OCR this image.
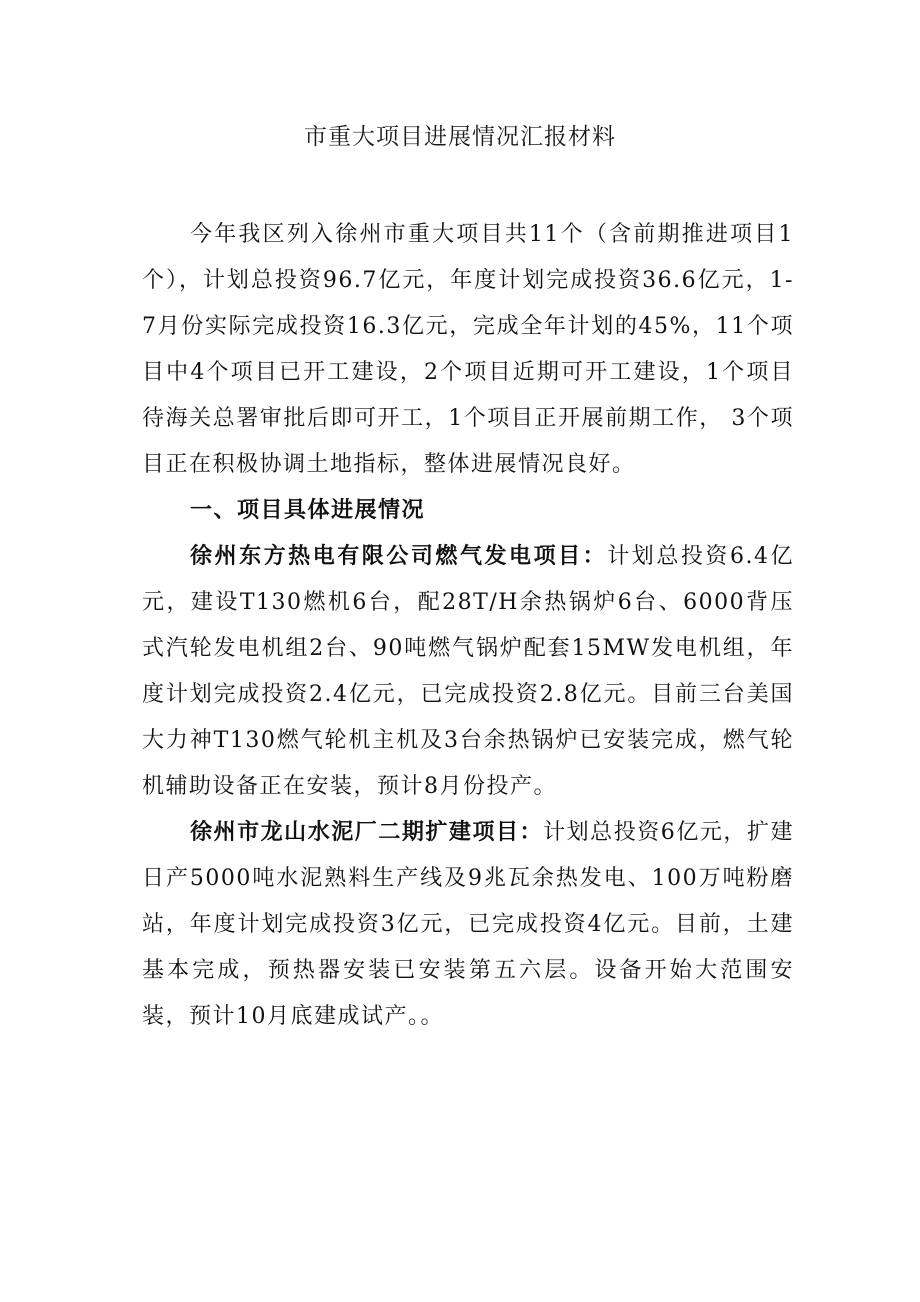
市重大项目进展情况汇报材料

今年我区列入徐州市重大项目共11个（含前期推进项目1个），计划总投资96.7亿元，年度计划完成投资36.6亿元，1-7月份实际完成投资16.3亿元，完成全年计划的45%，11个项目中4个项目已开工建设，2个项目近期可开工建设，1个项目待海关总署审批后即可开工，1个项目正开展前期工作， 3个项目正在积极协调土地指标，整体进展情况良好。

一、项目具体进展情况

徐州东方热电有限公司燃气发电项目：计划总投资6.4亿元，建设T130燃机6台，配28T/H余热锅炉6台、6000背压式汽轮发电机组2台、90吨燃气锅炉配套15MW发电机组，年度计划完成投资2.4亿元，已完成投资2.8亿元。目前三台美国大力神T130燃气轮机主机及3台余热锅炉已安装完成，燃气轮机辅助设备正在安装，预计8月份投产。

徐州市龙山水泥厂二期扩建项目：计划总投资6亿元，扩建日产5000吨水泥熟料生产线及9兆瓦余热发电、100万吨粉磨站，年度计划完成投资3亿元，已完成投资4亿元。目前，土建基本完成，预热器安装已安装第五六层。设备开始大范围安装，预计10月底建成试产。。
